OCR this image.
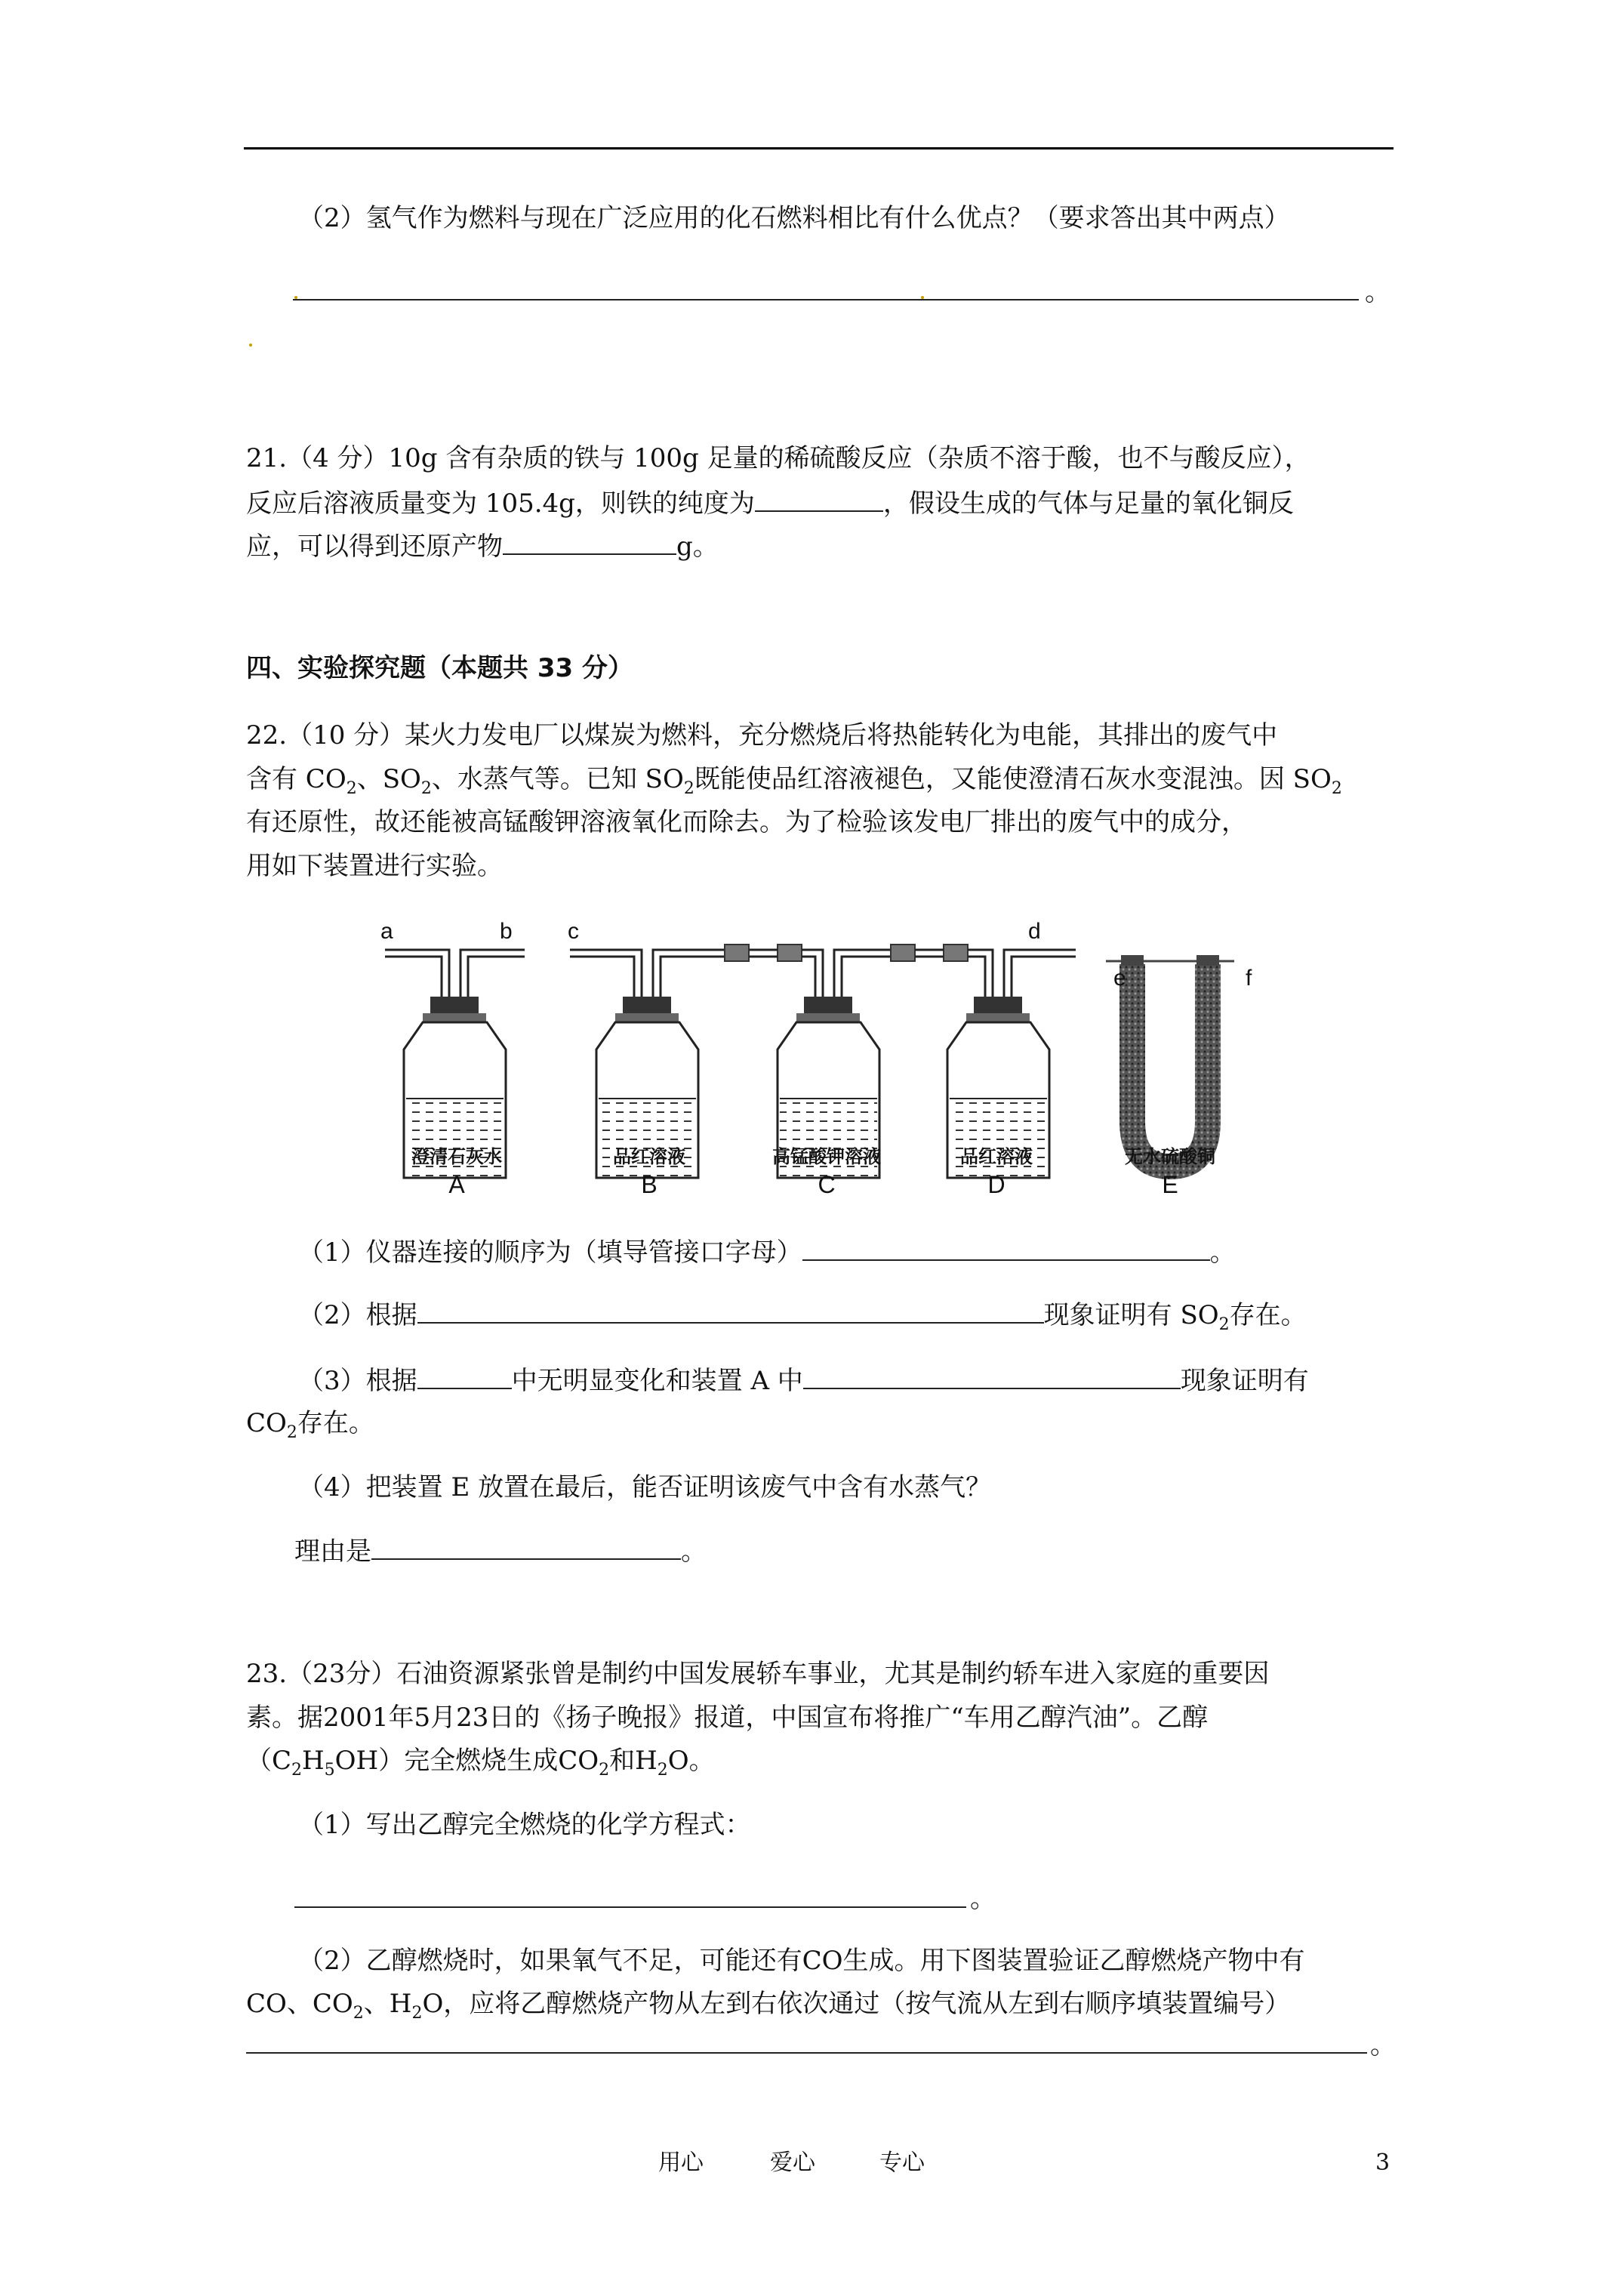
（2）氢气作为燃料与现在广泛应用的化石燃料相比有什么优点？（要求答出其中两点）
。
21.（4 分）10g 含有杂质的铁与 100g 足量的稀硫酸反应（杂质不溶于酸，也不与酸反应），
反应后溶液质量变为 105.4g，则铁的纯度为	，假设生成的气体与足量的氧化铜反
应，可以得到还原产物	g。
四、实验探究题（本题共 33 分）
22.（10 分）某火力发电厂以煤炭为燃料，充分燃烧后将热能转化为电能，其排出的废气中
含有 $CO_2$、$SO_2$、水蒸气等。已知 $SO_2$既能使品红溶液褪色，又能使澄清石灰水变混浊。因 $SO_2$
有还原性，故还能被高锰酸钾溶液氧化而除去。为了检验该发电厂排出的废气中的成分，
用如下装置进行实验。
a	b c	d
e	f
澄清石灰水	品红溶液	高锰酸钾溶液	品红溶液	无水硫酸铜
A	B	C	D	E
（1）仪器连接的顺序为（填导管接口字母）	。
（2）根据	现象证明有 $SO_2$存在。
（3）根据	中无明显变化和装置 A 中	现象证明有
$CO_2$存在。
（4）把装置 E 放置在最后，能否证明该废气中含有水蒸气？
理由是	。
23.（23分）石油资源紧张曾是制约中国发展轿车事业，尤其是制约轿车进入家庭的重要因
素。据2001年5月23日的《扬子晚报》报道，中国宣布将推广“车用乙醇汽油”。乙醇
$(C_2H_5OH)$完全燃烧生成$CO_2$和$H_2O$。
（1）写出乙醇完全燃烧的化学方程式：
。
（2）乙醇燃烧时，如果氧气不足，可能还有CO生成。用下图装置验证乙醇燃烧产物中有
CO、$CO_2$、$H_2O$，应将乙醇燃烧产物从左到右依次通过（按气流从左到右顺序填装置编号）
。
用心	爱心	专心	3
